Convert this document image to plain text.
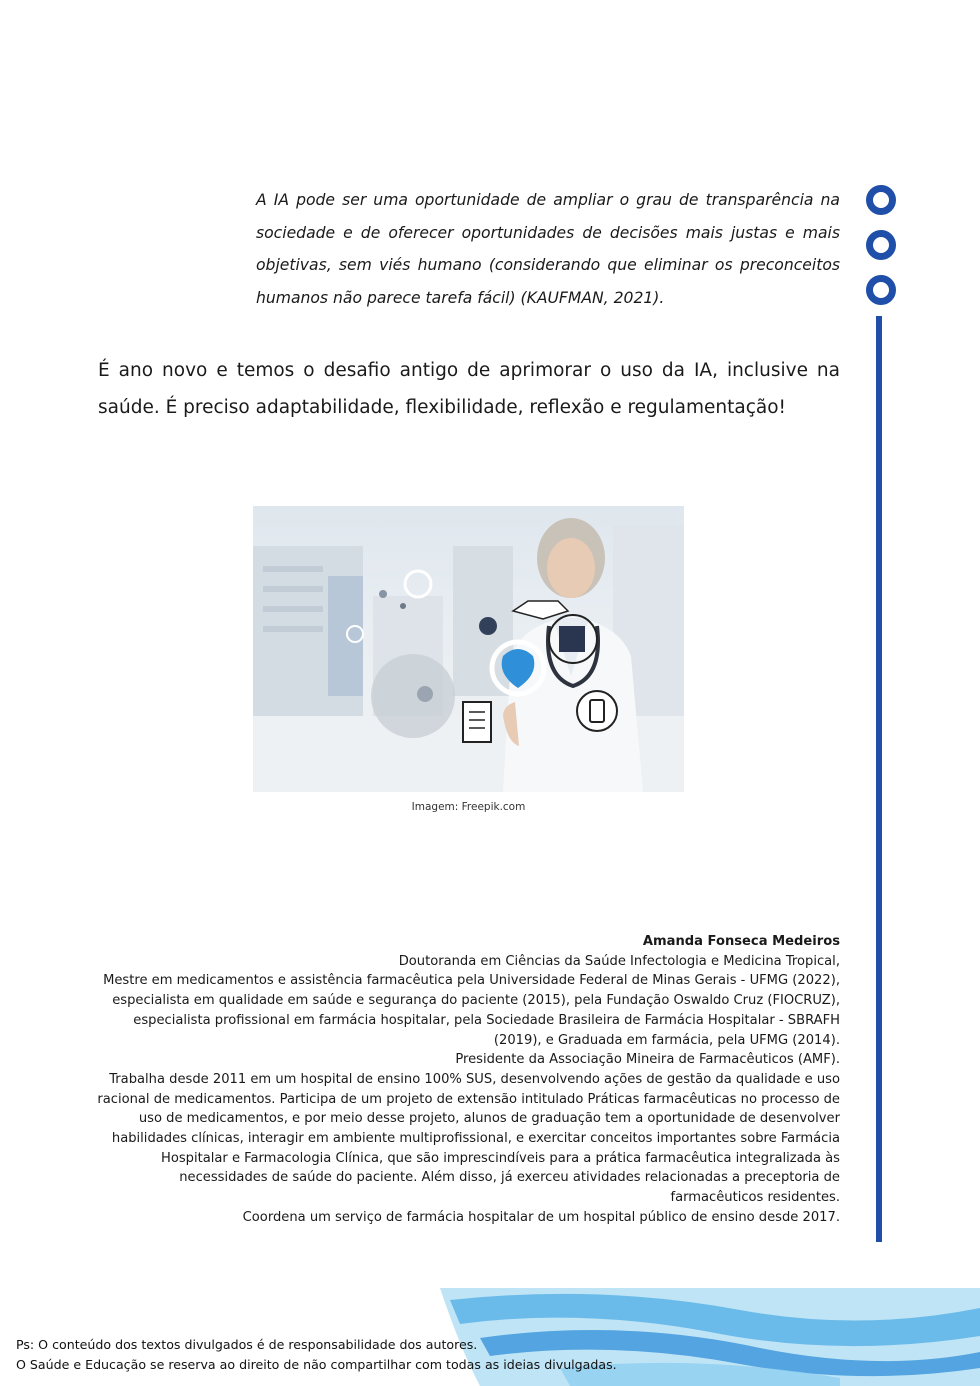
A IA pode ser uma oportunidade de ampliar o grau de transparência na sociedade e de oferecer oportunidades de decisões mais justas e mais objetivas, sem viés humano (considerando que eliminar os preconceitos humanos não parece tarefa fácil) (KAUFMAN, 2021).
É ano novo e temos o desafio antigo de aprimorar o uso da IA, inclusive na saúde. É preciso adaptabilidade, flexibilidade, reflexão e regulamentação!
Imagem: Freepik.com
Amanda Fonseca Medeiros
Doutoranda em Ciências da Saúde Infectologia e Medicina Tropical,
Mestre em medicamentos e assistência farmacêutica pela Universidade Federal de Minas Gerais - UFMG (2022), especialista em qualidade em saúde e segurança do paciente (2015), pela Fundação Oswaldo Cruz (FIOCRUZ), especialista profissional em farmácia hospitalar, pela Sociedade Brasileira de Farmácia Hospitalar - SBRAFH (2019), e Graduada em farmácia, pela UFMG (2014).
Presidente da Associação Mineira de Farmacêuticos (AMF).
Trabalha desde 2011 em um hospital de ensino 100% SUS, desenvolvendo ações de gestão da qualidade e uso racional de medicamentos. Participa de um projeto de extensão intitulado Práticas farmacêuticas no processo de uso de medicamentos, e por meio desse projeto, alunos de graduação tem a oportunidade de desenvolver habilidades clínicas, interagir em ambiente multiprofissional, e exercitar conceitos importantes sobre Farmácia Hospitalar e Farmacologia Clínica, que são imprescindíveis para a prática farmacêutica integralizada às necessidades de saúde do paciente. Além disso, já exerceu atividades relacionadas a preceptoria de farmacêuticos residentes.
Coordena um serviço de farmácia hospitalar de um hospital público de ensino desde 2017.
Ps: O conteúdo dos textos divulgados é de responsabilidade dos autores.
O Saúde e Educação se reserva ao direito de não compartilhar com todas as ideias divulgadas.
